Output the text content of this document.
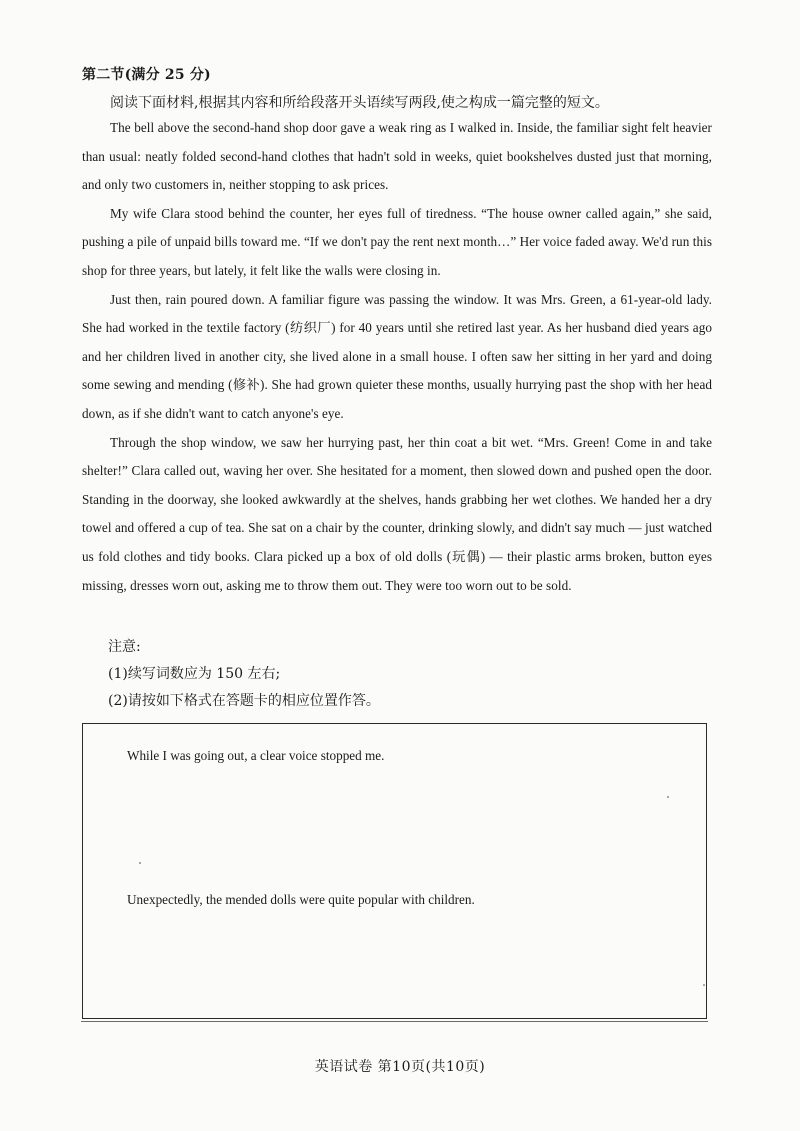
第二节(满分 25 分)
阅读下面材料,根据其内容和所给段落开头语续写两段,使之构成一篇完整的短文。

The bell above the second-hand shop door gave a weak ring as I walked in. Inside, the familiar sight felt heavier than usual: neatly folded second-hand clothes that hadn't sold in weeks, quiet bookshelves dusted just that morning, and only two customers in, neither stopping to ask prices.

My wife Clara stood behind the counter, her eyes full of tiredness. “The house owner called again,” she said, pushing a pile of unpaid bills toward me. “If we don't pay the rent next month…” Her voice faded away. We'd run this shop for three years, but lately, it felt like the walls were closing in.

Just then, rain poured down. A familiar figure was passing the window. It was Mrs. Green, a 61-year-old lady. She had worked in the textile factory (纺织厂) for 40 years until she retired last year. As her husband died years ago and her children lived in another city, she lived alone in a small house. I often saw her sitting in her yard and doing some sewing and mending (修补). She had grown quieter these months, usually hurrying past the shop with her head down, as if she didn't want to catch anyone's eye.

Through the shop window, we saw her hurrying past, her thin coat a bit wet. “Mrs. Green! Come in and take shelter!” Clara called out, waving her over. She hesitated for a moment, then slowed down and pushed open the door. Standing in the doorway, she looked awkwardly at the shelves, hands grabbing her wet clothes. We handed her a dry towel and offered a cup of tea. She sat on a chair by the counter, drinking slowly, and didn't say much — just watched us fold clothes and tidy books. Clara picked up a box of old dolls (玩偶) — their plastic arms broken, button eyes missing, dresses worn out, asking me to throw them out. They were too worn out to be sold.

注意:
(1)续写词数应为 150 左右;
(2)请按如下格式在答题卡的相应位置作答。
While I was going out, a clear voice stopped me.
Unexpectedly, the mended dolls were quite popular with children.
英语试卷 第10页(共10页)
